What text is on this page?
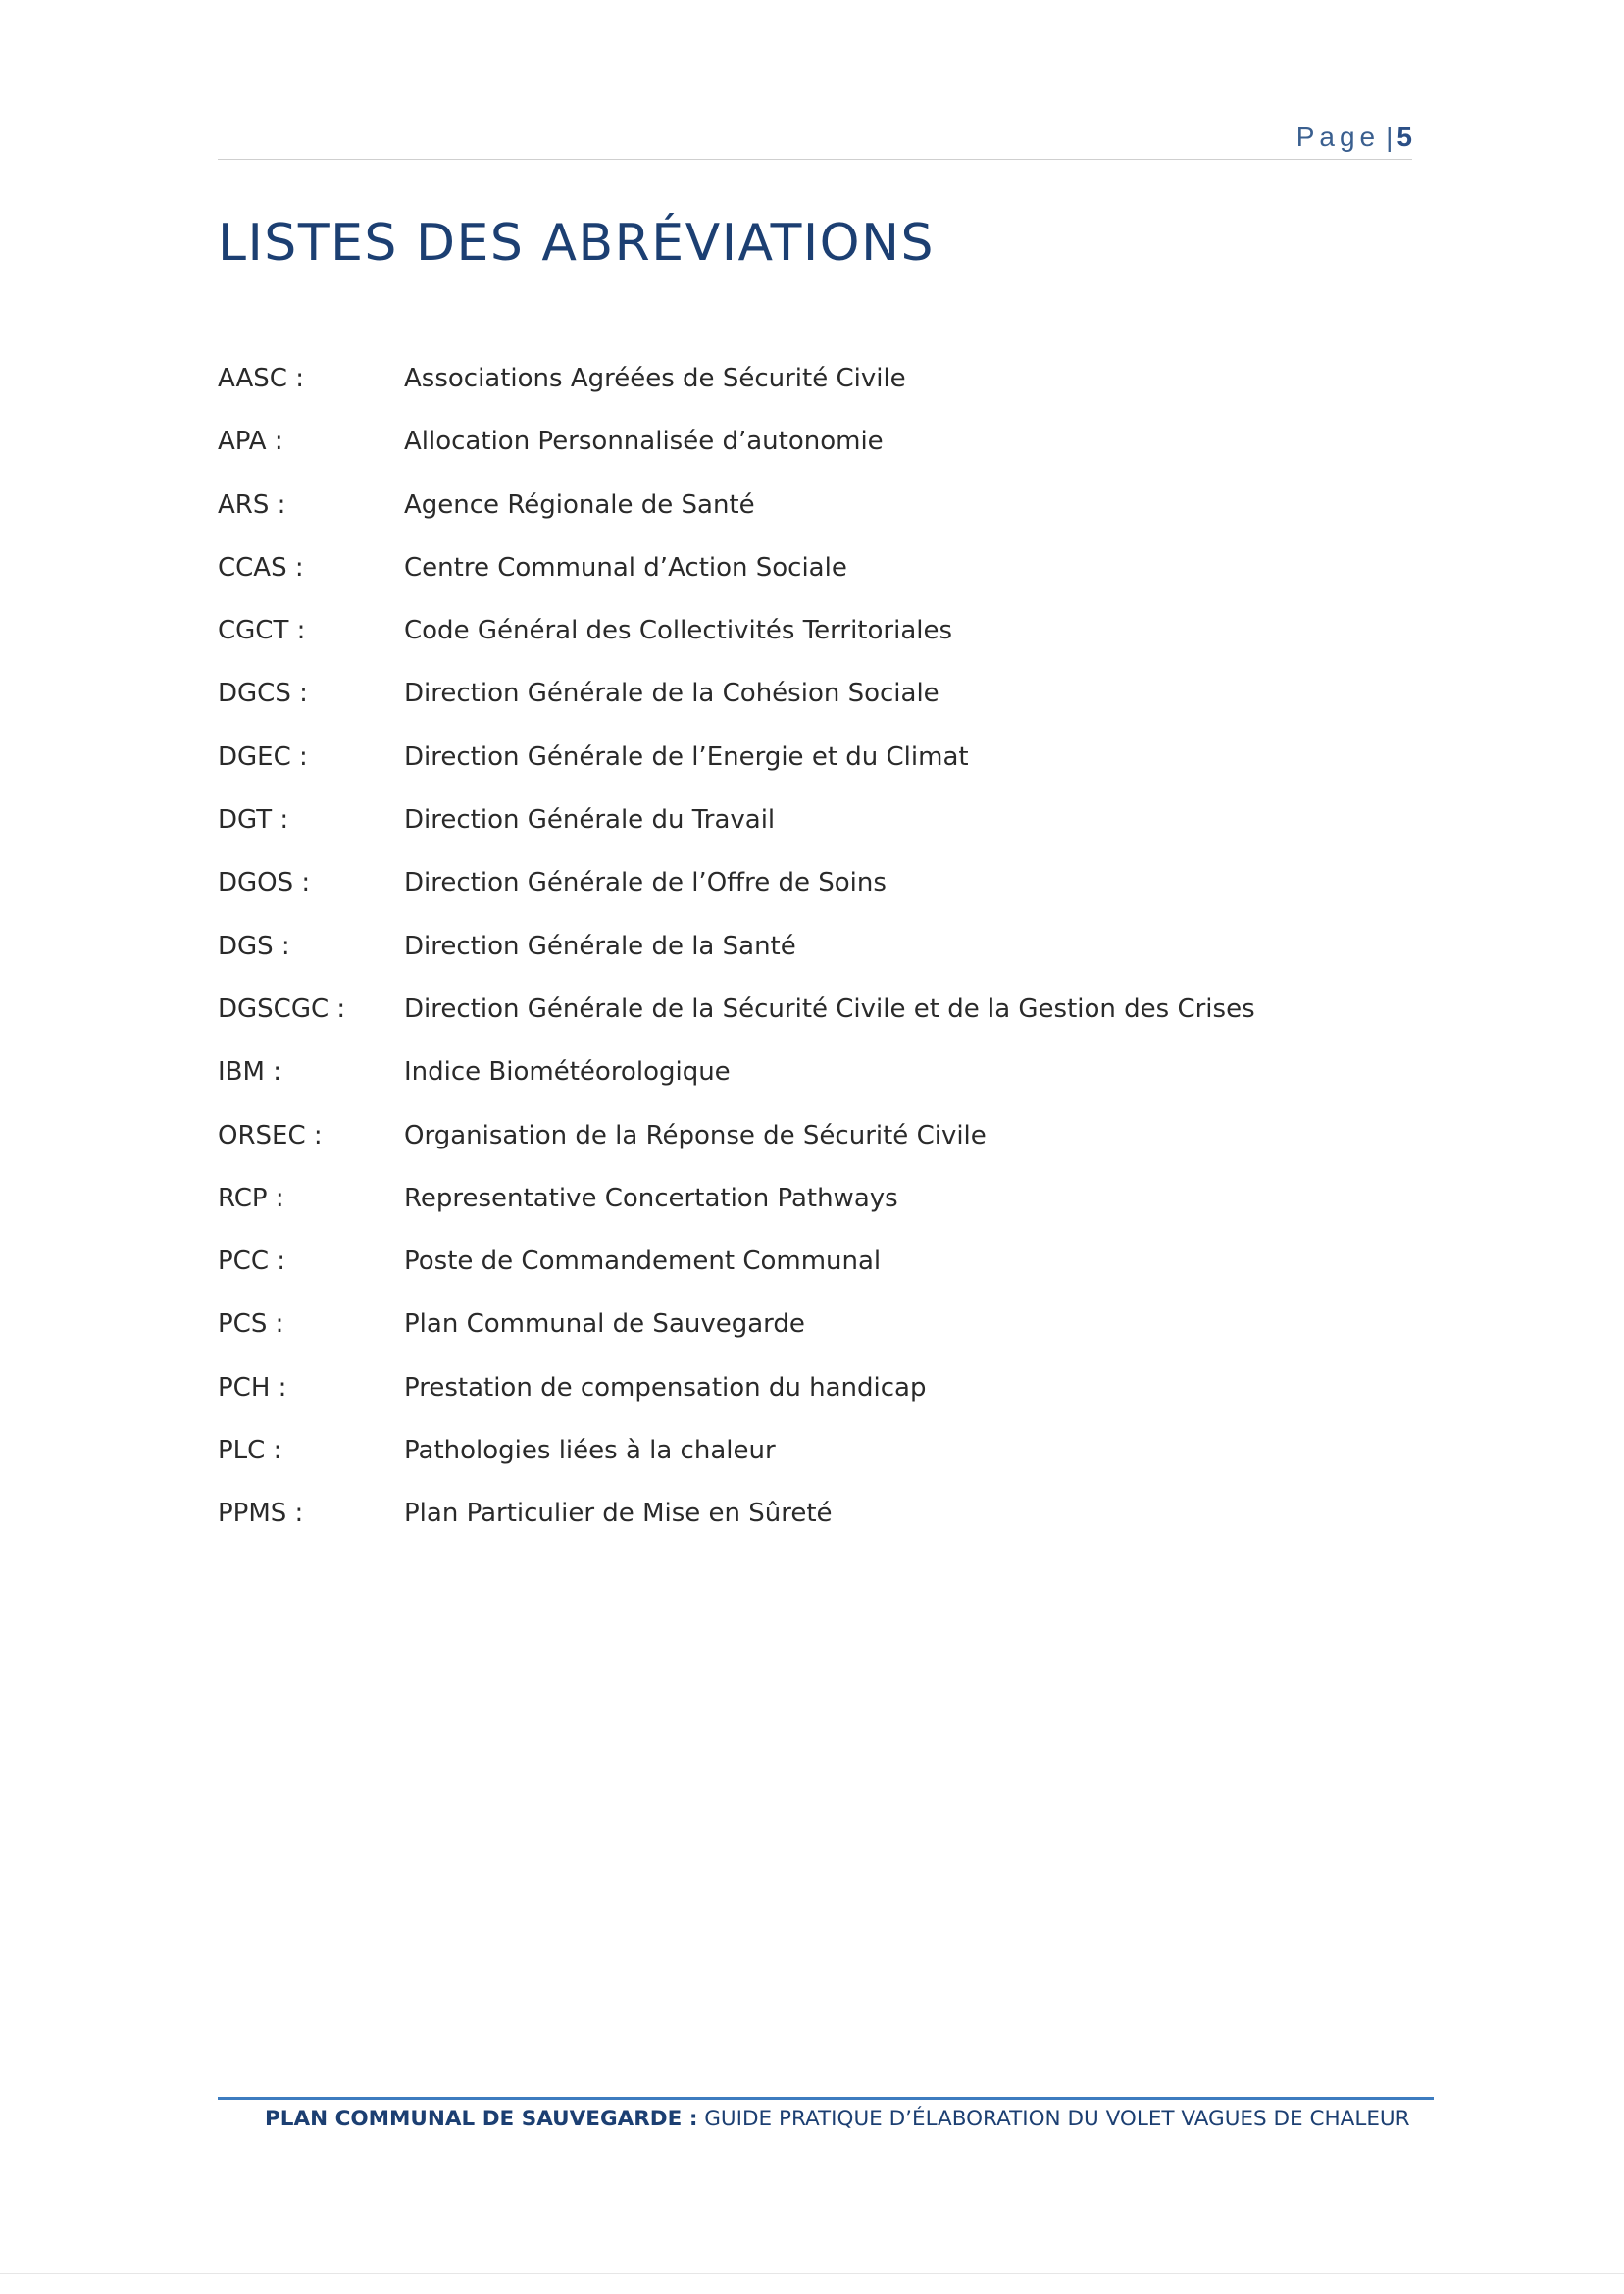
Page | 5
LISTES DES ABRÉVIATIONS
AASC :	Associations Agréées de Sécurité Civile
APA :	Allocation Personnalisée d’autonomie
ARS :	Agence Régionale de Santé
CCAS :	Centre Communal d’Action Sociale
CGCT :	Code Général des Collectivités Territoriales
DGCS :	Direction Générale de la Cohésion Sociale
DGEC :	Direction Générale de l’Energie et du Climat
DGT :	Direction Générale du Travail
DGOS :	Direction Générale de l’Offre de Soins
DGS :	Direction Générale de la Santé
DGSCGC : Direction Générale de la Sécurité Civile et de la Gestion des Crises
IBM :	Indice Biométéorologique
ORSEC :	Organisation de la Réponse de Sécurité Civile
RCP :	Representative Concertation Pathways
PCC :	Poste de Commandement Communal
PCS :	Plan Communal de Sauvegarde
PCH :	Prestation de compensation du handicap
PLC :	Pathologies liées à la chaleur
PPMS :	Plan Particulier de Mise en Sûreté
PLAN COMMUNAL DE SAUVEGARDE : GUIDE PRATIQUE D’ÉLABORATION DU VOLET VAGUES DE CHALEUR
